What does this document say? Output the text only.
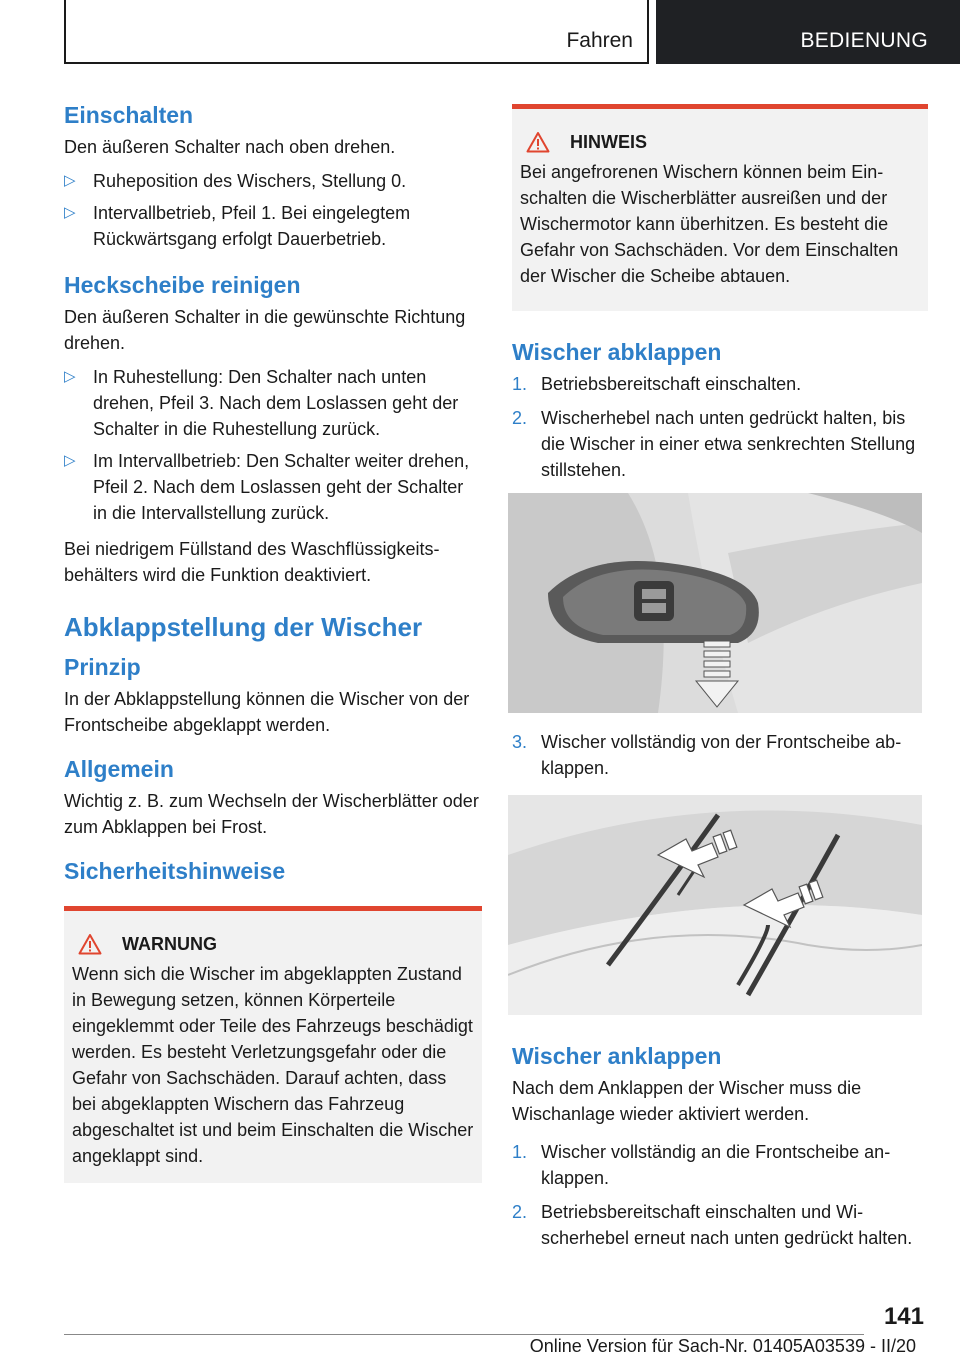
Fahren	BEDIENUNG
Einschalten

Den äußeren Schalter nach oben drehen.

▷ Ruheposition des Wischers, Stellung 0.
▷ Intervallbetrieb, Pfeil 1. Bei eingelegtem Rückwärtsgang erfolgt Dauerbetrieb.
Heckscheibe reinigen

Den äußeren Schalter in die gewünschte Richtung drehen.

▷ In Ruhestellung: Den Schalter nach unten drehen, Pfeil 3. Nach dem Loslassen geht der Schalter in die Ruhestellung zurück.
▷ Im Intervallbetrieb: Den Schalter weiter drehen, Pfeil 2. Nach dem Loslassen geht der Schalter in die Intervallstellung zurück.

Bei niedrigem Füllstand des Waschflüssigkeitsbehälters wird die Funktion deaktiviert.

Abklappstellung der Wischer
Prinzip

In der Abklappstellung können die Wischer von der Frontscheibe abgeklappt werden.

Allgemein

Wichtig z. B. zum Wechseln der Wischerblätter oder zum Abklappen bei Frost.

Sicherheitshinweise
WARNUNG

Wenn sich die Wischer im abgeklappten Zustand in Bewegung setzen, können Körperteile eingeklemmt oder Teile des Fahrzeugs beschädigt werden. Es besteht Verletzungsgefahr oder die Gefahr von Sachschäden. Darauf achten, dass bei abgeklappten Wischern das Fahrzeug abgeschaltet ist und beim Einschalten die Wischer angeklappt sind.

HINWEIS

Bei angefrorenen Wischern können beim Einschalten die Wischerblätter ausreißen und der Wischermotor kann überhitzen. Es besteht die Gefahr von Sachschäden. Vor dem Einschalten der Wischer die Scheibe abtauen.

Wischer abklappen
1. Betriebsbereitschaft einschalten.
2. Wischerhebel nach unten gedrückt halten, bis die Wischer in einer etwa senkrechten Stellung stillstehen.
3. Wischer vollständig von der Frontscheibe abklappen.
Wischer anklappen

Nach dem Anklappen der Wischer muss die Wischanlage wieder aktiviert werden.

1. Wischer vollständig an die Frontscheibe anklappen.
2. Betriebsbereitschaft einschalten und Wischerhebel erneut nach unten gedrückt halten.
141
Online Version für Sach-Nr. 01405A03539 - II/20
